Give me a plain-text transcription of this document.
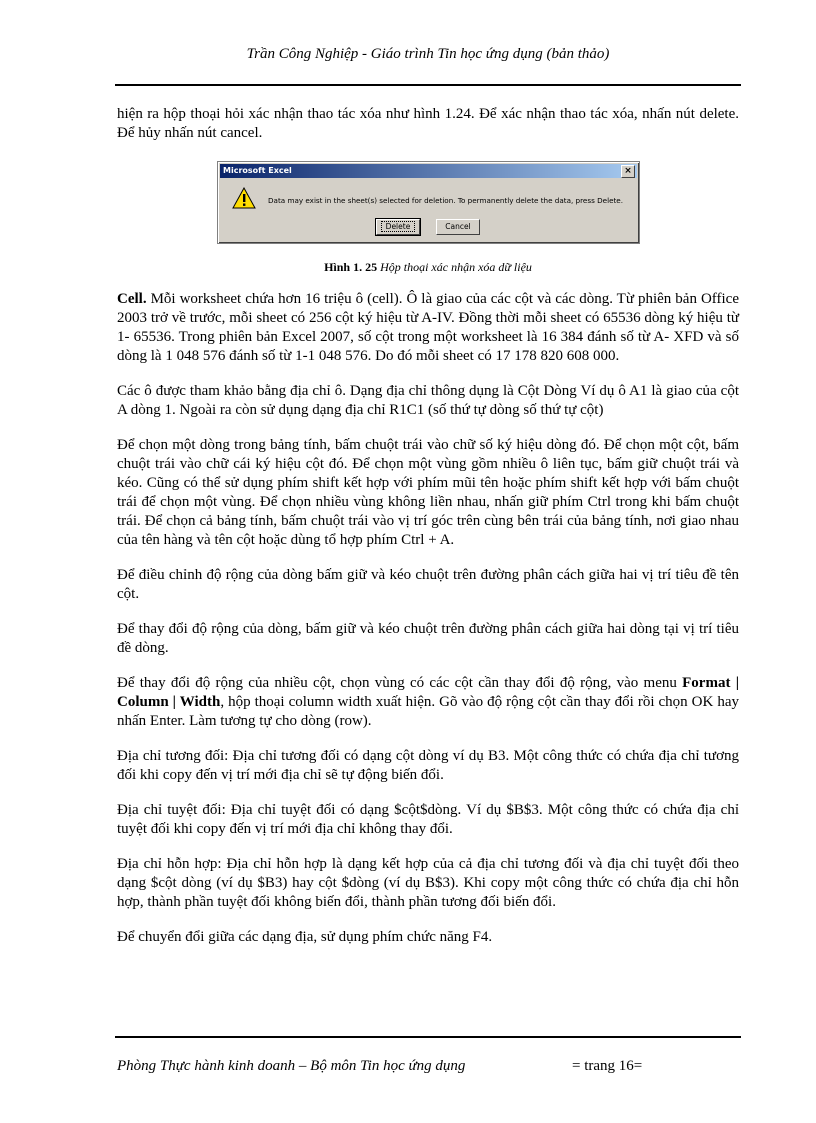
Trần Công Nghiệp - Giáo trình Tin học ứng dụng (bản thảo)

hiện ra hộp thoại hỏi xác nhận thao tác xóa như hình 1.24. Để xác nhận thao tác xóa, nhấn nút delete. Để hủy nhấn nút cancel.

Microsoft Excel	×
Data may exist in the sheet(s) selected for deletion. To permanently delete the data, press Delete.
Delete	Cancel
Hình 1. 25 Hộp thoại xác nhận xóa dữ liệu

Cell. Mỗi worksheet chứa hơn 16 triệu ô (cell). Ô là giao của các cột và các dòng. Từ phiên bản Office 2003 trở về trước, mỗi sheet có 256 cột ký hiệu từ A-IV. Đồng thời mỗi sheet có 65536 dòng ký hiệu từ 1- 65536. Trong phiên bản Excel 2007, số cột trong một worksheet là 16 384 đánh số từ A- XFD và số dòng là 1 048 576 đánh số từ 1-1 048 576. Do đó mỗi sheet có 17 178 820 608 000.

Các ô được tham khảo bằng địa chỉ ô. Dạng địa chỉ thông dụng là Cột Dòng Ví dụ ô A1 là giao của cột A dòng 1. Ngoài ra còn sử dụng dạng địa chỉ R1C1 (số thứ tự dòng số thứ tự cột)

Để chọn một dòng trong bảng tính, bấm chuột trái vào chữ số ký hiệu dòng đó. Để chọn một cột, bấm chuột trái vào chữ cái ký hiệu cột đó. Để chọn một vùng gồm nhiều ô liên tục, bấm giữ chuột trái và kéo. Cũng có thể sử dụng phím shift kết hợp với phím mũi tên hoặc phím shift kết hợp với bấm chuột trái để chọn một vùng. Để chọn nhiều vùng không liền nhau, nhấn giữ phím Ctrl trong khi bấm chuột trái. Để chọn cả bảng tính, bấm chuột trái vào vị trí góc trên cùng bên trái của bảng tính, nơi giao nhau của tên hàng và tên cột hoặc dùng tổ hợp phím Ctrl + A.

Để điều chỉnh độ rộng của dòng bấm giữ và kéo chuột trên đường phân cách giữa hai vị trí tiêu đề tên cột.

Để thay đổi độ rộng của dòng, bấm giữ và kéo chuột trên đường phân cách giữa hai dòng tại vị trí tiêu đề dòng.

Để thay đổi độ rộng của nhiều cột, chọn vùng có các cột cần thay đổi độ rộng, vào menu Format | Column | Width, hộp thoại column width xuất hiện. Gõ vào độ rộng cột cần thay đổi rồi chọn OK hay nhấn Enter. Làm tương tự cho dòng (row).

Địa chỉ tương đối: Địa chỉ tương đối có dạng cột dòng ví dụ B3. Một công thức có chứa địa chỉ tương đối khi copy đến vị trí mới địa chỉ sẽ tự động biến đổi.

Địa chỉ tuyệt đối: Địa chỉ tuyệt đối có dạng $cột$dòng. Ví dụ $B$3. Một công thức có chứa địa chỉ tuyệt đối khi copy đến vị trí mới địa chỉ không thay đổi.

Địa chỉ hỗn hợp: Địa chỉ hỗn hợp là dạng kết hợp của cả địa chỉ tương đối và địa chỉ tuyệt đối theo dạng $cột dòng (ví dụ $B3) hay cột $dòng (ví dụ B$3). Khi copy một công thức có chứa địa chỉ hỗn hợp, thành phần tuyệt đối không biến đổi, thành phần tương đối biến đổi.

Để chuyển đổi giữa các dạng địa, sử dụng phím chức năng F4.

Phòng Thực hành kinh doanh – Bộ môn Tin học ứng dụng	= trang 16=
